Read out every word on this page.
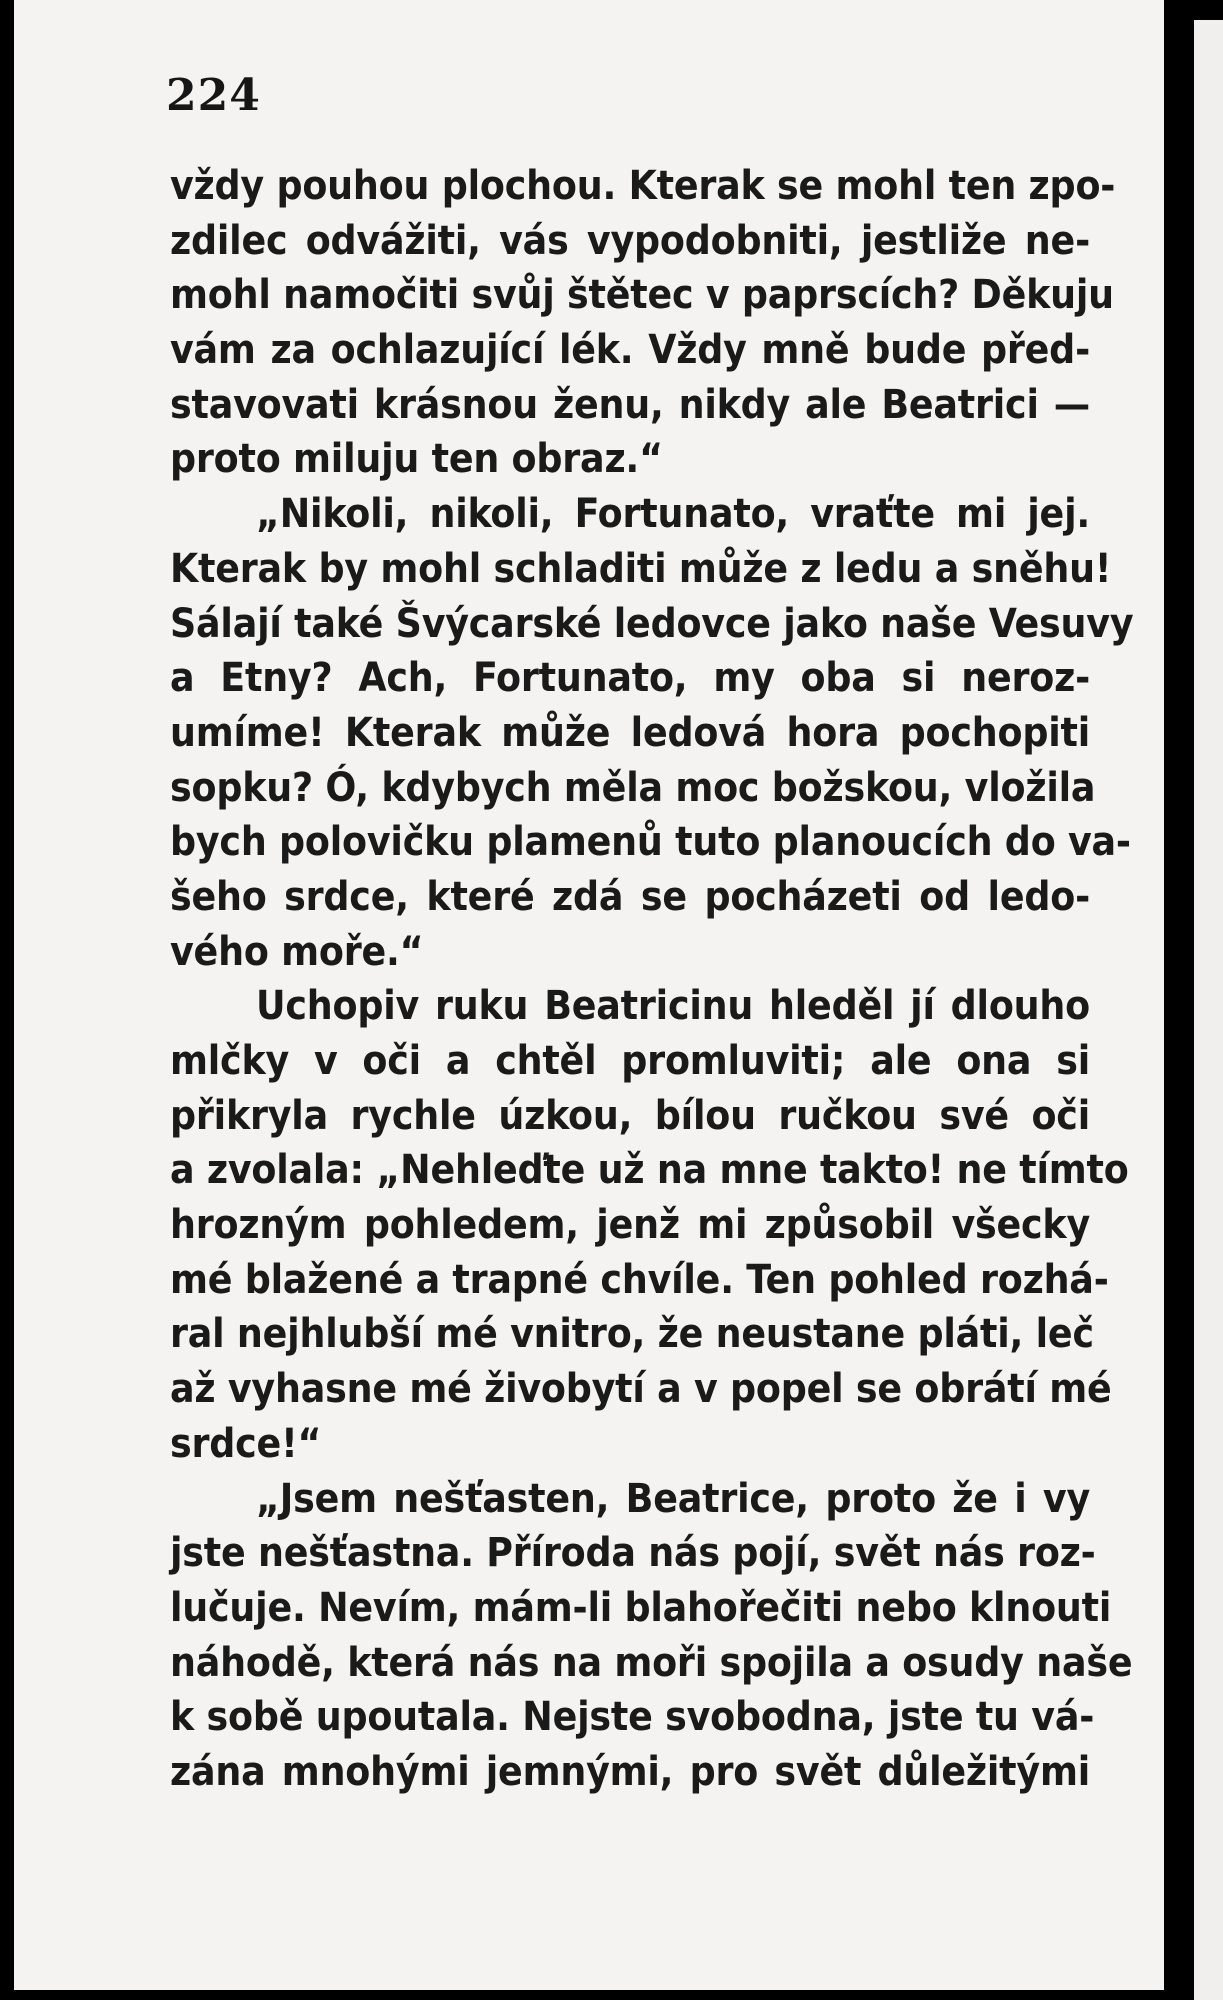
224
vždy pouhou plochou. Kterak se mohl ten zpo-
zdilec odvážiti, vás vypodobniti, jestliže ne-
mohl namočiti svůj štětec v paprscích? Děkuju
vám za ochlazující lék. Vždy mně bude před-
stavovati krásnou ženu, nikdy ale Beatrici —
proto miluju ten obraz.“
„Nikoli, nikoli, Fortunato, vraťte mi jej.
Kterak by mohl schladiti může z ledu a sněhu!
Sálají také Švýcarské ledovce jako naše Vesuvy
a Etny? Ach, Fortunato, my oba si neroz-
umíme! Kterak může ledová hora pochopiti
sopku? Ó, kdybych měla moc božskou, vložila
bych polovičku plamenů tuto planoucích do va-
šeho srdce, které zdá se pocházeti od ledo-
vého moře.“
Uchopiv ruku Beatricinu hleděl jí dlouho
mlčky v oči a chtěl promluviti; ale ona si
přikryla rychle úzkou, bílou ručkou své oči
a zvolala: „Nehleďte už na mne takto! ne tímto
hrozným pohledem, jenž mi způsobil všecky
mé blažené a trapné chvíle. Ten pohled rozhá-
ral nejhlubší mé vnitro, že neustane pláti, leč
až vyhasne mé živobytí a v popel se obrátí mé
srdce!“
„Jsem nešťasten, Beatrice, proto že i vy
jste nešťastna. Příroda nás pojí, svět nás roz-
lučuje. Nevím, mám-li blahořečiti nebo klnouti
náhodě, která nás na moři spojila a osudy naše
k sobě upoutala. Nejste svobodna, jste tu vá-
zána mnohými jemnými, pro svět důležitými
